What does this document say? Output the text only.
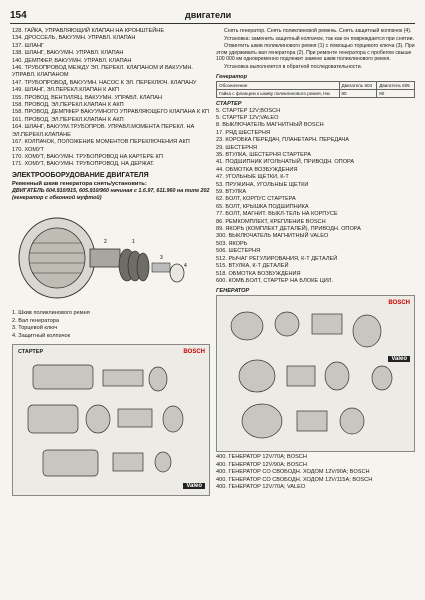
154	двигатели

128. ГАЙКА, УПРАВЛЯЮЩИЙ КЛАПАН НА КРОНШТЕЙНЕ

134. ДРОССЕЛЬ, ВАКУУМН. УПРАВЛ. КЛАПАН

137. ШЛАНГ

138. ШЛАНГ, ВАКУУМН. УПРАВЛ. КЛАПАН

140. ДЕМПФЕР, ВАКУУМН. УПРАВЛ. КЛАПАН

146. ТРУБОПРОВОД МЕЖДУ ЭЛ. ПЕРЕКЛ. КЛАПАНОМ И ВАКУУМН. УПРАВЛ. КЛАПАНОМ

147. ТРУБОПРОВОД, ВАКУУМН. НАСОС К ЭЛ. ПЕРЕКЛЮЧ. КЛАПАНУ

149. ШЛАНГ, ЭЛ.ПЕРЕКЛ.КЛАПАН К АКП

155. ПРОВОД, ВЕНТИЛЯЦ. ВАКУУМН. УПРАВЛ. КЛАПАН

158. ПРОВОД, ЭЛ.ПЕРЕКЛ.КЛАПАН К АКП

158. ПРОВОД, ДЕМПФЕР ВАКУУМНОГО УПРАВЛЯЮЩЕГО КЛАПАНА К КП

161. ПРОВОД, ЭЛ.ПЕРЕКЛ.КЛАПАН К АКП

164. ШЛАНГ, ВАКУУМ.ТРУБОПРОВ. УПРАВЛ.МОМЕНТА ПЕРЕКЛ. НА ЭЛ.ПЕРЕКЛ.КЛАПАНЕ

167. КОЛПАЧОК, ПОЛОЖЕНИЕ МОМЕНТОВ ПЕРЕКЛЮЧЕНИЯ АКП

170. ХОМУТ

170. ХОМУТ, ВАКУУМН. ТРУБОПРОВОД НА КАРТЕРЕ КП

171. ХОМУТ, ВАКУУМН. ТРУБОПРОВОД, НА ДЕРЖАТ.

ЭЛЕКТРООБОРУДОВАНИЕ ДВИГАТЕЛЯ
Ременный шкив генератора снять/установить:
ДВИГАТЕЛЬ 604.910/915, 605.910/960 начиная с 1.6.97, 611.960 на типе 202 (генератор с обгонной муфтой)
1
2
3
4

1. Шкив поликлинового ремня

2. Вал генератора

3. Торцевой ключ

4. Защитный колпачок

СТАРТЕР	BOSCH
Valeo

Снять генератор. Снять поликлиновой ремень. Снять защитный колпачок (4).

Установка: заменить защитный колпачок, так как он повреждается при снятии.

Отвинтить шкив поликлинового ремня (1) с помощью торцевого ключа (3). При этом удерживать вал генератора (2). При ремонте генератора с пробегом свыше 100 000 км одновременно подлежит замене шкив поликлинового ремня.

Установка выполняется в обратной последовательности.

Генератор
Обозначение	Двигатель 604	Двигатель 605
Гайка с фланцем к шкиву поликлинового ремня, Нм	80	80
СТАРТЕР

5. СТАРТЕР 12V;BOSCH

5. СТАРТЕР 12V;VALEO

8. ВЫКЛЮЧАТЕЛЬ МАГНИТНЫЙ BOSCH

17. РЯД ШЕСТЕРНЯ

23. КОРОБКА ПЕРЕДАЧ, ПЛАНЕТАРН. ПЕРЕДАЧА

29. ШЕСТЕРНЯ

35. ВТУЛКА, ШЕСТЕРНЯ СТАРТЕРА

41. ПОДШИПНИК ИГОЛЬЧАТЫЙ, ПРИВОДН. ОПОРА

44. ОБМОТКА ВОЗБУЖДЕНИЯ

47. УГОЛЬНЫЕ ЩЕТКИ, К-Т

53. ПРУЖИНА, УГОЛЬНЫЕ ЩЕТКИ

59. ВТУЛКА

62. БОЛТ, КОРПУС СТАРТЕРА

65. БОЛТ, КРЫШКА ПОДШИПНИКА

77. БОЛТ, МАГНИТ. ВЫКЛ-ТЕЛЬ НА КОРПУСЕ

86. РЕМКОМПЛЕКТ, КРЕПЛЕНИЕ BOSCH

89. ЯКОРЬ (КОМПЛЕКТ ДЕТАЛЕЙ), ПРИВОДН. ОПОРА

300. ВЫКЛЮЧАТЕЛЬ МАГНИТНЫЙ VALEO

503. ЯКОРЬ

506. ШЕСТЕРНЯ

512. РЫЧАГ РЕГУЛИРОВАНИЯ, К-Т ДЕТАЛЕЙ

515. ВТУЛКА, К-Т ДЕТАЛЕЙ

518. ОБМОТКА ВОЗБУЖДЕНИЯ

600. КОМБ.БОЛТ, СТАРТЕР НА БЛОКЕ ЦИЛ.

ГЕНЕРАТОР
BOSCH
Valeo

400. ГЕНЕРАТОР 12V/70A; BOSCH

400. ГЕНЕРАТОР 12V/90A; BOSCH

400. ГЕНЕРАТОР СО СВОБОДН. ХОДОМ 12V/90A; BOSCH

400. ГЕНЕРАТОР СО СВОБОДН. ХОДОМ 12V/115A; BOSCH

400. ГЕНЕРАТОР 12V/70A; VALEO
